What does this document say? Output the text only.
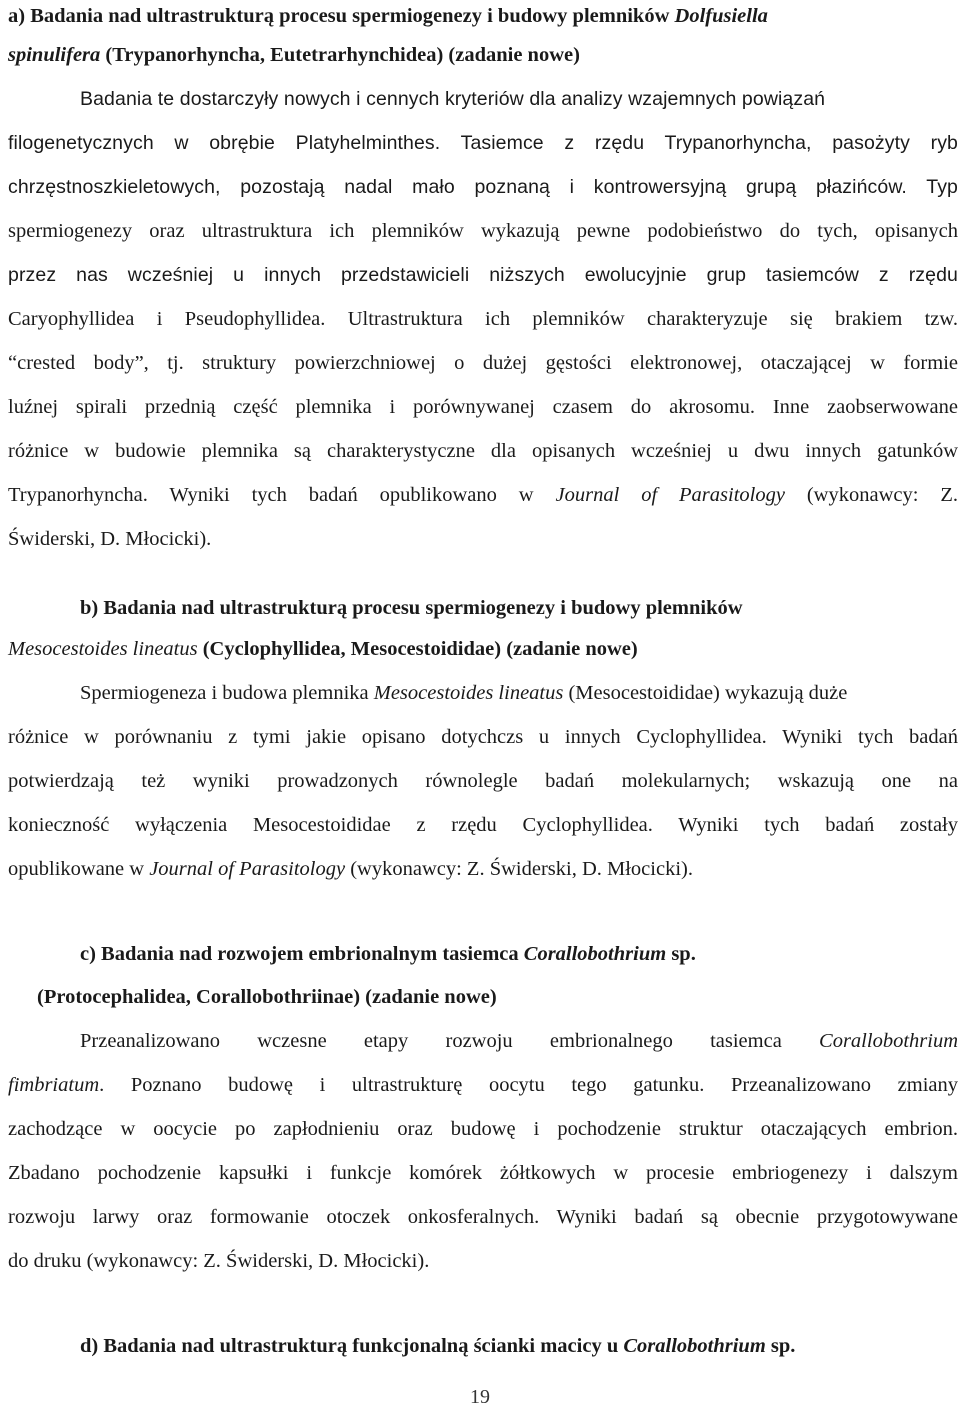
a) Badania nad ultrastrukturą procesu spermiogenezy i budowy plemników Dolfusiella
spinulifera (Trypanorhyncha, Eutetrarhynchidea) (zadanie nowe)
Badania te dostarczyły nowych i cennych kryteriów dla analizy wzajemnych powiązań
filogenetycznych w obrębie Platyhelminthes. Tasiemce z rzędu Trypanorhyncha, pasożyty ryb
chrzęstnoszkieletowych, pozostają nadal mało poznaną i kontrowersyjną grupą płazińców. Typ
spermiogenezy oraz ultrastruktura ich plemników wykazują pewne podobieństwo do tych, opisanych
przez nas wcześniej u innych przedstawicieli niższych ewolucyjnie grup tasiemców z rzędu
Caryophyllidea i Pseudophyllidea. Ultrastruktura ich plemników charakteryzuje się brakiem tzw.
“crested body”, tj. struktury powierzchniowej o dużej gęstości elektronowej, otaczającej w formie
luźnej spirali przednią część plemnika i porównywanej czasem do akrosomu. Inne zaobserwowane
różnice w budowie plemnika są charakterystyczne dla opisanych wcześniej u dwu innych gatunków
Trypanorhyncha. Wyniki tych badań opublikowano w Journal of Parasitology (wykonawcy: Z.
Świderski, D. Młocicki).
b) Badania nad ultrastrukturą procesu spermiogenezy i budowy plemników
Mesocestoides lineatus (Cyclophyllidea, Mesocestoididae) (zadanie nowe)
Spermiogeneza i budowa plemnika Mesocestoides lineatus (Mesocestoididae) wykazują duże
różnice w porównaniu z tymi jakie opisano dotychczs u innych Cyclophyllidea. Wyniki tych badań
potwierdzają też wyniki prowadzonych równolegle badań molekularnych; wskazują one na
konieczność wyłączenia Mesocestoididae z rzędu Cyclophyllidea. Wyniki tych badań zostały
opublikowane w Journal of Parasitology (wykonawcy: Z. Świderski, D. Młocicki).
c) Badania nad rozwojem embrionalnym tasiemca Corallobothrium sp.
(Protocephalidea, Corallobothriinae) (zadanie nowe)
Przeanalizowano wczesne etapy rozwoju embrionalnego tasiemca Corallobothrium
fimbriatum. Poznano budowę i ultrastrukturę oocytu tego gatunku. Przeanalizowano zmiany
zachodzące w oocycie po zapłodnieniu oraz budowę i pochodzenie struktur otaczających embrion.
Zbadano pochodzenie kapsułki i funkcje komórek żółtkowych w procesie embriogenezy i dalszym
rozwoju larwy oraz formowanie otoczek onkosferalnych. Wyniki badań są obecnie przygotowywane
do druku (wykonawcy: Z. Świderski, D. Młocicki).
d) Badania nad ultrastrukturą funkcjonalną ścianki macicy u Corallobothrium sp.
19
